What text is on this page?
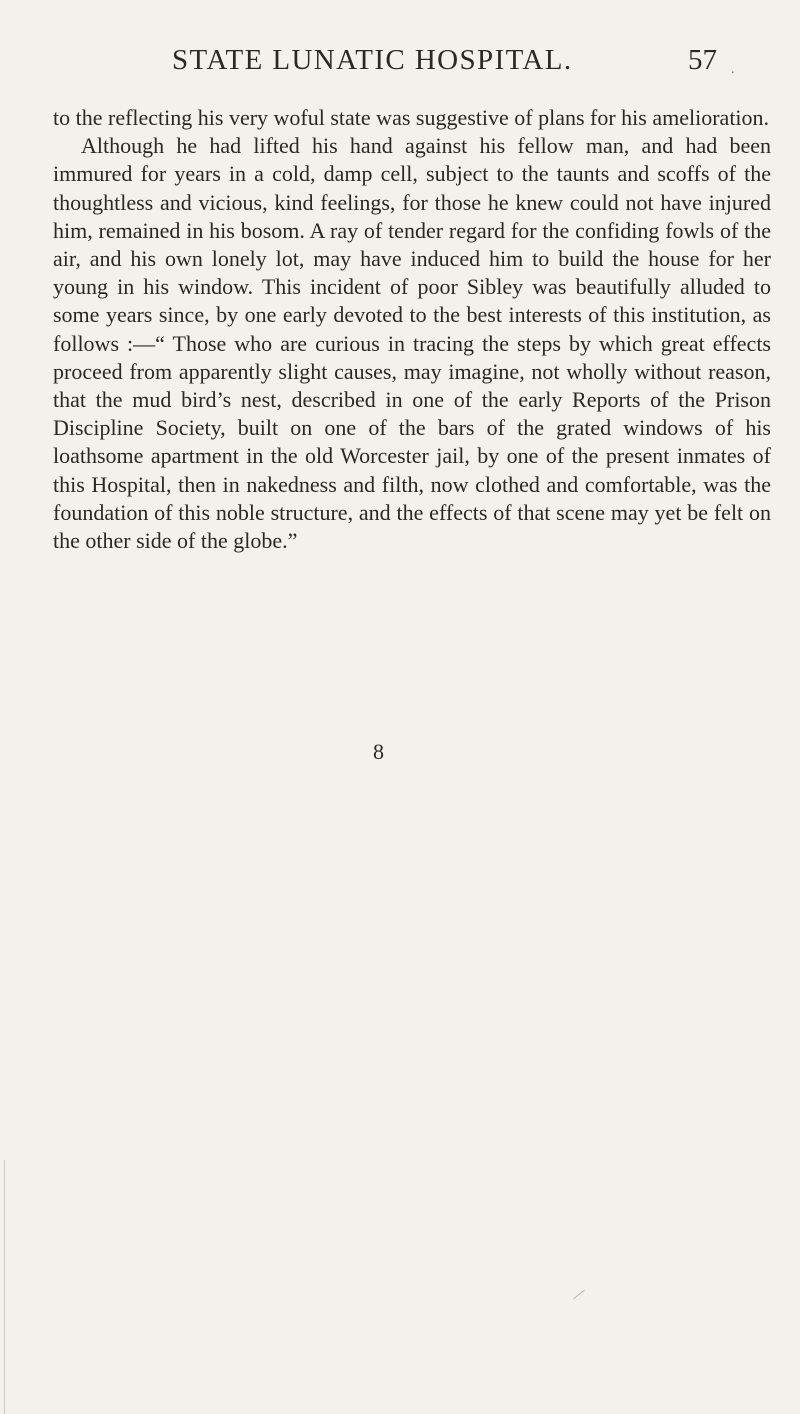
STATE LUNATIC HOSPITAL.	57 .

to the reflecting his very woful state was suggestive of plans for his amelioration.

Although he had lifted his hand against his fellow man, and had been immured for years in a cold, damp cell, subject to the taunts and scoffs of the thoughtless and vicious, kind feelings, for those he knew could not have injured him, remained in his bosom. A ray of tender regard for the confiding fowls of the air, and his own lonely lot, may have induced him to build the house for her young in his window. This incident of poor Sibley was beautifully alluded to some years since, by one early devoted to the best interests of this institution, as follows :—“ Those who are curious in tracing the steps by which great effects proceed from apparently slight causes, may imagine, not wholly without reason, that the mud bird’s nest, described in one of the early Reports of the Prison Discipline Society, built on one of the bars of the grated windows of his loathsome apartment in the old Worcester jail, by one of the present inmates of this Hospital, then in nakedness and filth, now clothed and comfortable, was the foundation of this noble structure, and the effects of that scene may yet be felt on the other side of the globe.”

8
